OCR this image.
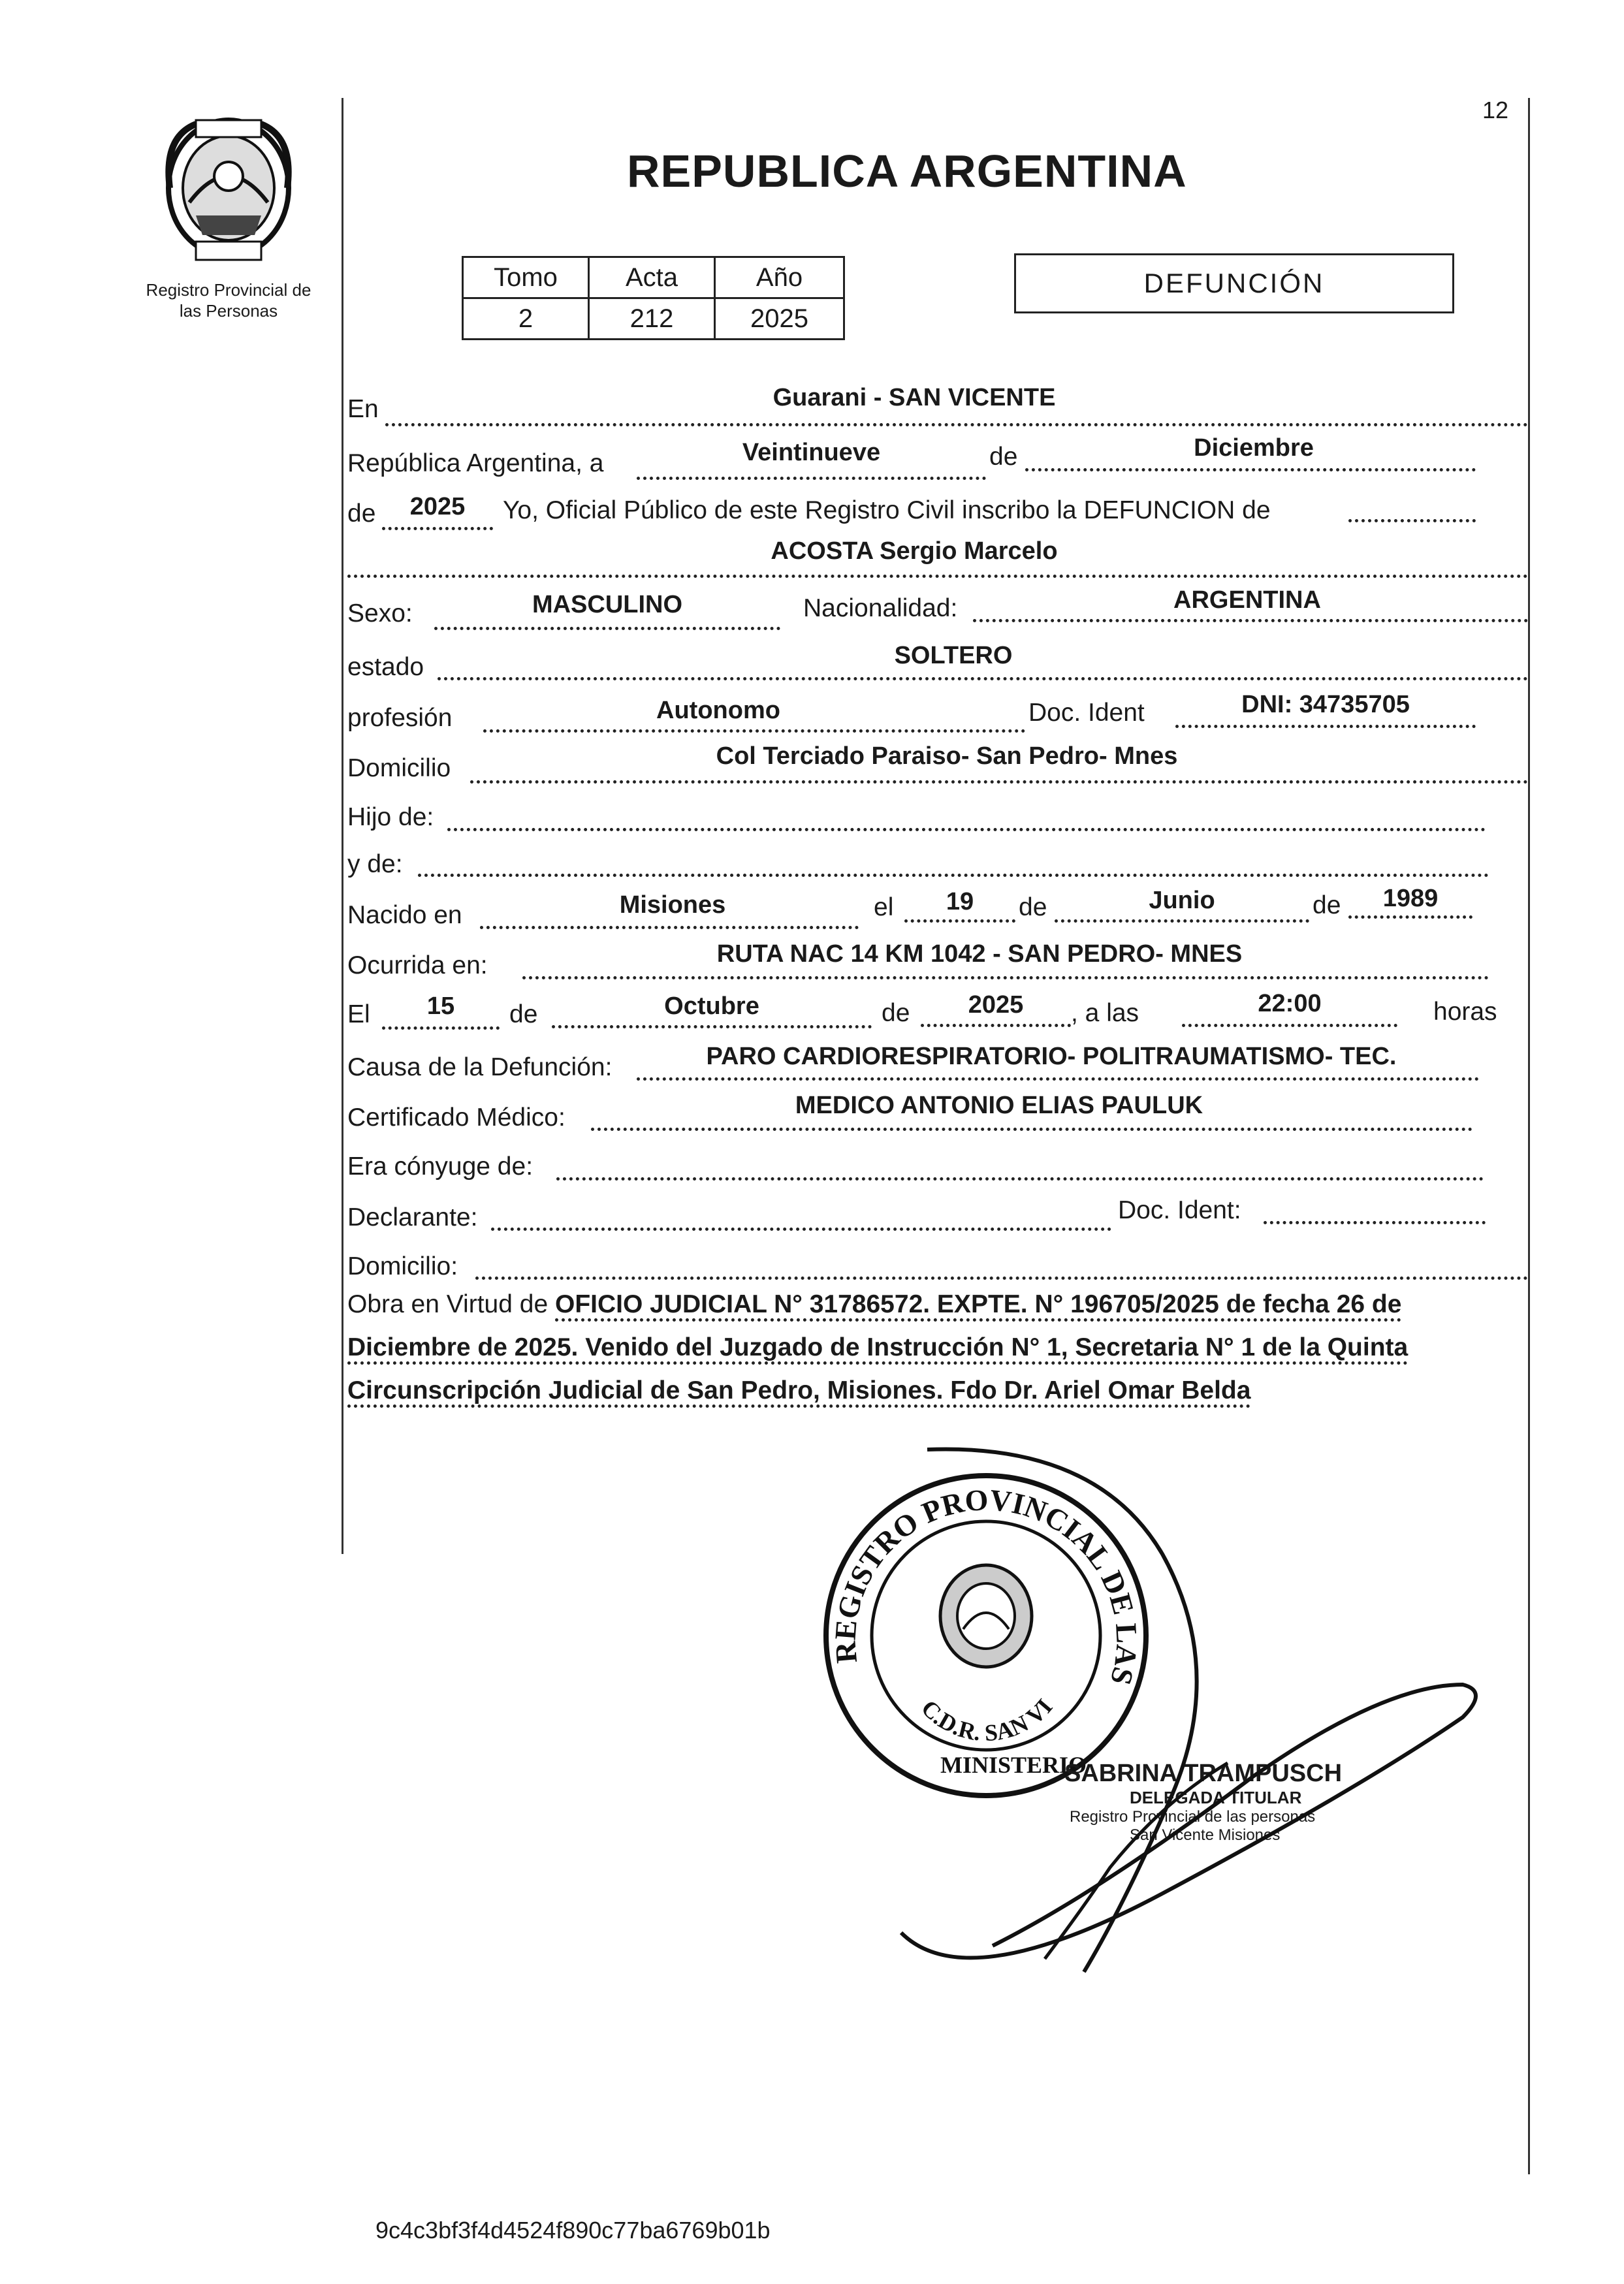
12
Registro Provincial de
las Personas
REPUBLICA ARGENTINA
Tomo	Acta	Año
2	212	2025
DEFUNCIÓN
En	Guarani - SAN VICENTE
República Argentina, a	Veintinueve	de	Diciembre
de	2025	Yo, Oficial Público de este Registro Civil inscribo la DEFUNCION de
ACOSTA Sergio Marcelo
Sexo:	MASCULINO	Nacionalidad:	ARGENTINA
estado	SOLTERO
profesión	Autonomo	Doc. Ident	DNI: 34735705
Domicilio	Col Terciado Paraiso- San Pedro- Mnes
Hijo de:
y de:
Nacido en	Misiones	el	19	de	Junio	de	1989
Ocurrida en:	RUTA NAC 14 KM 1042 - SAN PEDRO- MNES
El	15	de	Octubre	de	2025	, a las	22:00	horas
Causa de la Defunción:	PARO CARDIORESPIRATORIO- POLITRAUMATISMO- TEC.
Certificado Médico:	MEDICO ANTONIO ELIAS PAULUK
Era cónyuge de:
Declarante:	Doc. Ident:
Domicilio:
Obra en Virtud de OFICIO JUDICIAL N° 31786572. EXPTE. N° 196705/2025 de fecha 26 de Diciembre de 2025. Venido del Juzgado de Instrucción N° 1, Secretaria N° 1 de la Quinta Circunscripción Judicial de San Pedro, Misiones. Fdo Dr. Ariel Omar Belda
REGISTRO PROVINCIAL DE LAS
C.D.R. SAN VI
MINISTERIO
SABRINA TRAMPUSCH
DELEGADA TITULAR
Registro Provincial de las personas
San Vicente Misiones
9c4c3bf3f4d4524f890c77ba6769b01b
